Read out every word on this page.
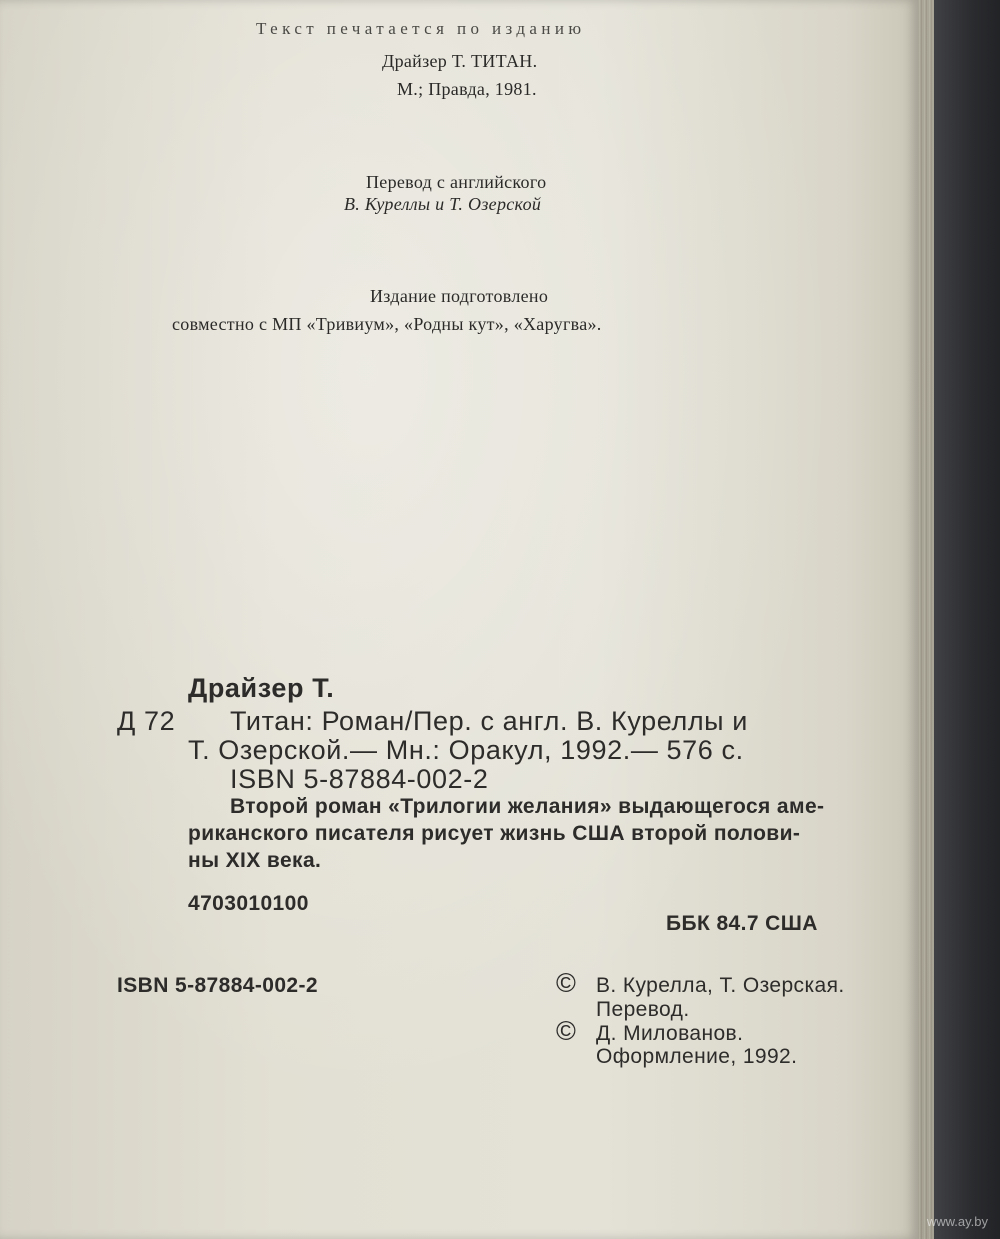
Текст печатается по изданию

Драйзер Т. ТИТАН.

М.; Правда, 1981.

Перевод с английского

В. Куреллы и Т. Озерской

Издание подготовлено

совместно с МП «Тривиум», «Родны кут», «Харугва».

Драйзер Т.

Д 72 Титан: Роман/Пер. с англ. В. Куреллы и

Т. Озерской.— Мн.: Оракул, 1992.— 576 с.

ISBN 5-87884-002-2

Второй роман «Трилогии желания» выдающегося аме-

риканского писателя рисует жизнь США второй полови-

ны XIX века.

4703010100

ББК 84.7 США

ISBN 5-87884-002-2	© В. Курелла, Т. Озерская.

Перевод.

© Д. Милованов.

Оформление, 1992.

www.ay.by
